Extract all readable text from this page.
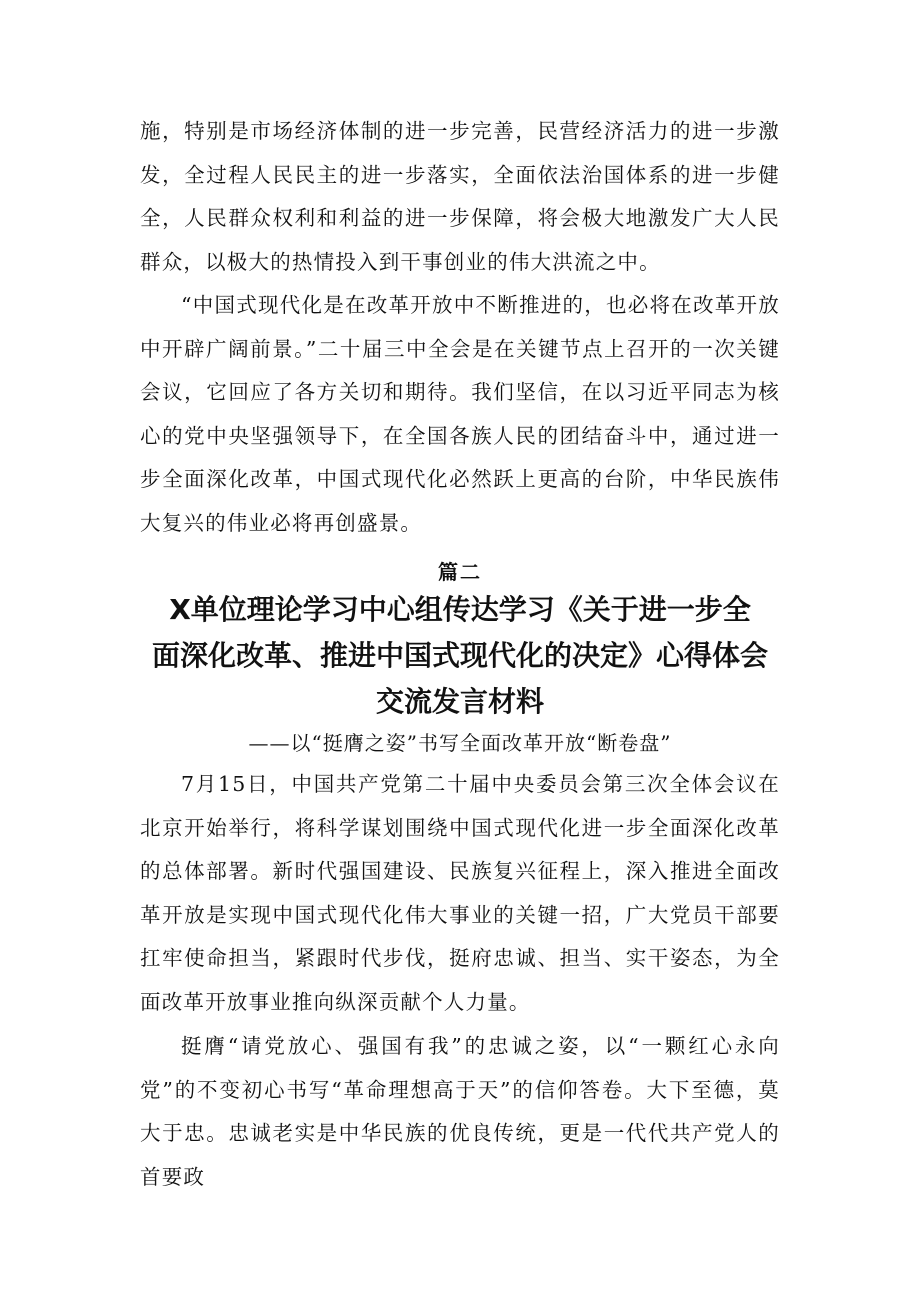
施，特别是市场经济体制的进一步完善，民营经济活力的进一步激发，全过程人民民主的进一步落实，全面依法治国体系的进一步健全，人民群众权利和利益的进一步保障，将会极大地激发广大人民群众，以极大的热情投入到干事创业的伟大洪流之中。

“中国式现代化是在改革开放中不断推进的，也必将在改革开放中开辟广阔前景。”二十届三中全会是在关键节点上召开的一次关键会议，它回应了各方关切和期待。我们坚信，在以习近平同志为核心的党中央坚强领导下，在全国各族人民的团结奋斗中，通过进一步全面深化改革，中国式现代化必然跃上更高的台阶，中华民族伟大复兴的伟业必将再创盛景。

篇二

X单位理论学习中心组传达学习《关于进一步全
面深化改革、推进中国式现代化的决定》心得体会
交流发言材料

——以“挺膺之姿”书写全面改革开放“断卷盘”

7月15日，中国共产党第二十届中央委员会第三次全体会议在北京开始举行，将科学谋划围绕中国式现代化进一步全面深化改革的总体部署。新时代强国建设、民族复兴征程上，深入推进全面改革开放是实现中国式现代化伟大事业的关键一招，广大党员干部要扛牢使命担当，紧跟时代步伐，挺府忠诚、担当、实干姿态，为全面改革开放事业推向纵深贡献个人力量。

挺膺“请党放心、强国有我”的忠诚之姿，以“一颗红心永向党”的不变初心书写“革命理想高于天”的信仰答卷。大下至德，莫大于忠。忠诚老实是中华民族的优良传统，更是一代代共产党人的首要政
